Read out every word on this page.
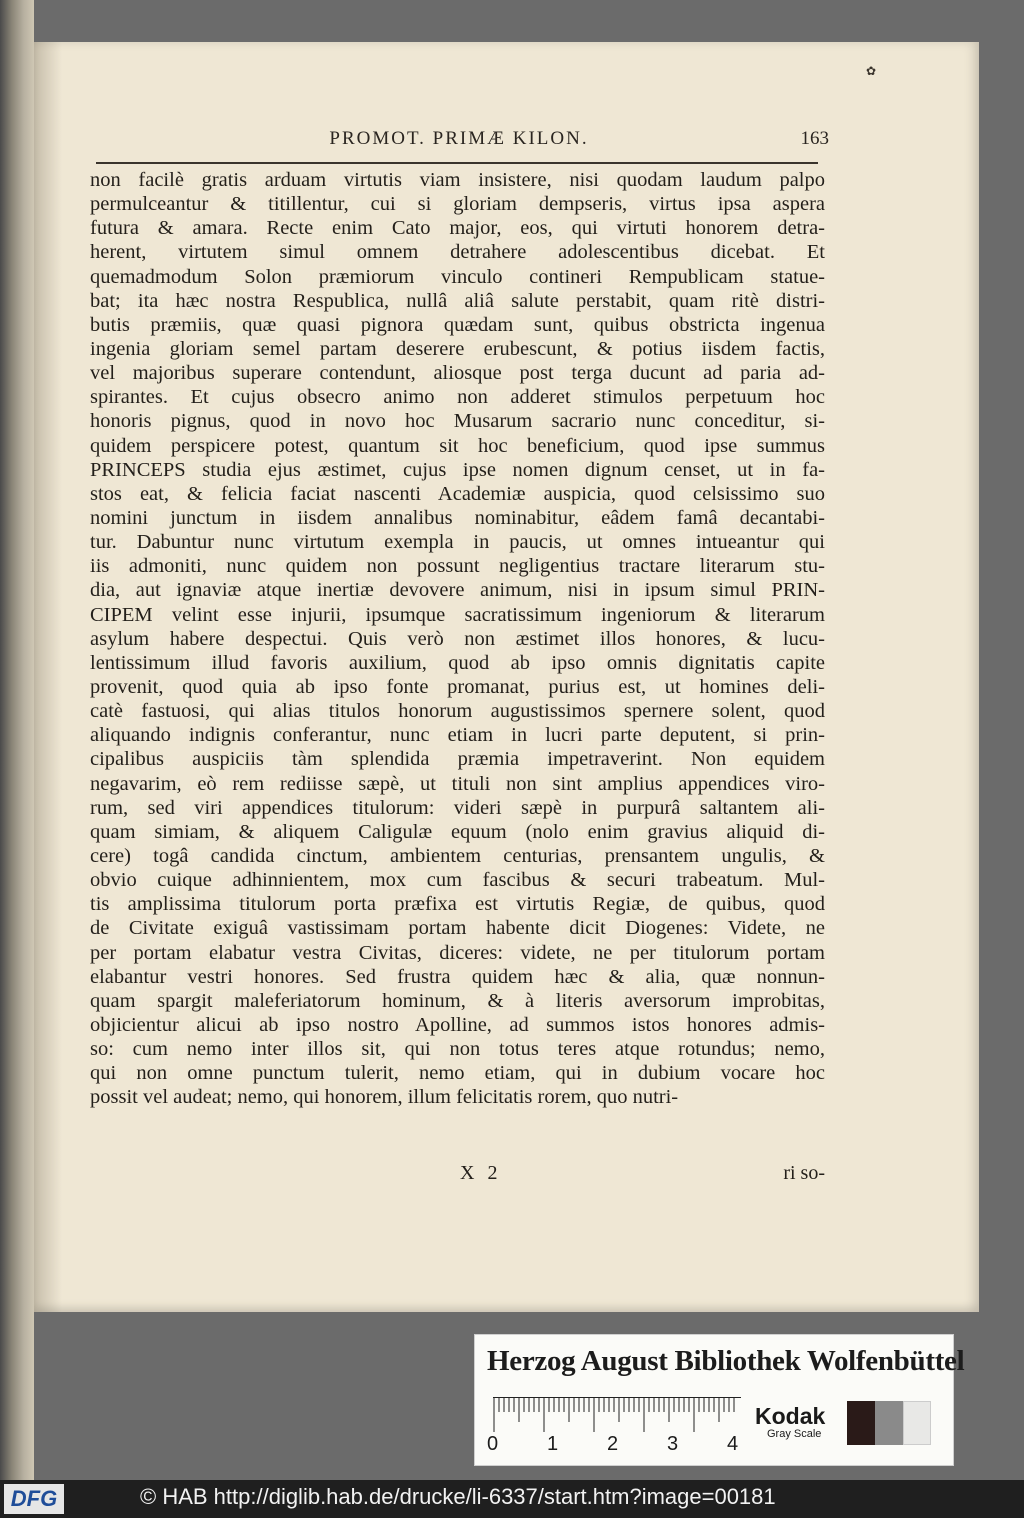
✿
PROMOT. PRIMÆ KILON.	163
non facilè gratis arduam virtutis viam insistere, nisi quodam laudum palpo
permulceantur & titillentur, cui si gloriam dempseris, virtus ipsa aspera
futura & amara. Recte enim Cato major, eos, qui virtuti honorem detra-
herent, virtutem simul omnem detrahere adolescentibus dicebat. Et
quemadmodum Solon præmiorum vinculo contineri Rempublicam statue-
bat; ita hæc nostra Respublica, nullâ aliâ salute perstabit, quam ritè distri-
butis præmiis, quæ quasi pignora quædam sunt, quibus obstricta ingenua
ingenia gloriam semel partam deserere erubescunt, & potius iisdem factis,
vel majoribus superare contendunt, aliosque post terga ducunt ad paria ad-
spirantes. Et cujus obsecro animo non adderet stimulos perpetuum hoc
honoris pignus, quod in novo hoc Musarum sacrario nunc conceditur, si-
quidem perspicere potest, quantum sit hoc beneficium, quod ipse summus
PRINCEPS studia ejus æstimet, cujus ipse nomen dignum censet, ut in fa-
stos eat, & felicia faciat nascenti Academiæ auspicia, quod celsissimo suo
nomini junctum in iisdem annalibus nominabitur, eâdem famâ decantabi-
tur. Dabuntur nunc virtutum exempla in paucis, ut omnes intueantur qui
iis admoniti, nunc quidem non possunt negligentius tractare literarum stu-
dia, aut ignaviæ atque inertiæ devovere animum, nisi in ipsum simul PRIN-
CIPEM velint esse injurii, ipsumque sacratissimum ingeniorum & literarum
asylum habere despectui. Quis verò non æstimet illos honores, & lucu-
lentissimum illud favoris auxilium, quod ab ipso omnis dignitatis capite
provenit, quod quia ab ipso fonte promanat, purius est, ut homines deli-
catè fastuosi, qui alias titulos honorum augustissimos spernere solent, quod
aliquando indignis conferantur, nunc etiam in lucri parte deputent, si prin-
cipalibus auspiciis tàm splendida præmia impetraverint. Non equidem
negavarim, eò rem rediisse sæpè, ut tituli non sint amplius appendices viro-
rum, sed viri appendices titulorum: videri sæpè in purpurâ saltantem ali-
quam simiam, & aliquem Caligulæ equum (nolo enim gravius aliquid di-
cere) togâ candida cinctum, ambientem centurias, prensantem ungulis, &
obvio cuique adhinnientem, mox cum fascibus & securi trabeatum. Mul-
tis amplissima titulorum porta præfixa est virtutis Regiæ, de quibus, quod
de Civitate exiguâ vastissimam portam habente dicit Diogenes: Videte, ne
per portam elabatur vestra Civitas, diceres: videte, ne per titulorum portam
elabantur vestri honores. Sed frustra quidem hæc & alia, quæ nonnun-
quam spargit maleferiatorum hominum, & à literis aversorum improbitas,
objicientur alicui ab ipso nostro Apolline, ad summos istos honores admis-
so: cum nemo inter illos sit, qui non totus teres atque rotundus; nemo,
qui non omne punctum tulerit, nemo etiam, qui in dubium vocare hoc
possit vel audeat; nemo, qui honorem, illum felicitatis rorem, quo nutri-
X 2	ri so-
Herzog August Bibliothek Wolfenbüttel
0 1 2 3 4
Kodak
Gray Scale
DFG	© HAB http://diglib.hab.de/drucke/li-6337/start.htm?image=00181
